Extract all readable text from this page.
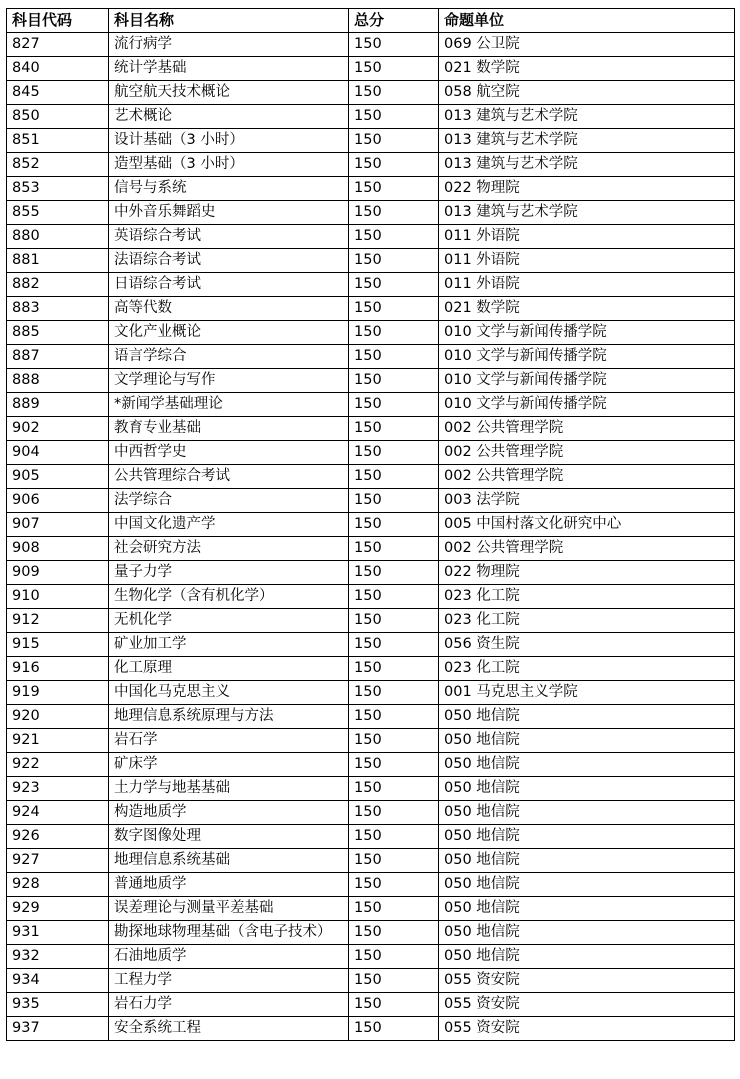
科目代码	科目名称	总分	命题单位
827	流行病学	150	069 公卫院
840	统计学基础	150	021 数学院
845	航空航天技术概论	150	058 航空院
850	艺术概论	150	013 建筑与艺术学院
851	设计基础（3 小时）	150	013 建筑与艺术学院
852	造型基础（3 小时）	150	013 建筑与艺术学院
853	信号与系统	150	022 物理院
855	中外音乐舞蹈史	150	013 建筑与艺术学院
880	英语综合考试	150	011 外语院
881	法语综合考试	150	011 外语院
882	日语综合考试	150	011 外语院
883	高等代数	150	021 数学院
885	文化产业概论	150	010 文学与新闻传播学院
887	语言学综合	150	010 文学与新闻传播学院
888	文学理论与写作	150	010 文学与新闻传播学院
889	*新闻学基础理论	150	010 文学与新闻传播学院
902	教育专业基础	150	002 公共管理学院
904	中西哲学史	150	002 公共管理学院
905	公共管理综合考试	150	002 公共管理学院
906	法学综合	150	003 法学院
907	中国文化遗产学	150	005 中国村落文化研究中心
908	社会研究方法	150	002 公共管理学院
909	量子力学	150	022 物理院
910	生物化学（含有机化学）	150	023 化工院
912	无机化学	150	023 化工院
915	矿业加工学	150	056 资生院
916	化工原理	150	023 化工院
919	中国化马克思主义	150	001 马克思主义学院
920	地理信息系统原理与方法	150	050 地信院
921	岩石学	150	050 地信院
922	矿床学	150	050 地信院
923	土力学与地基基础	150	050 地信院
924	构造地质学	150	050 地信院
926	数字图像处理	150	050 地信院
927	地理信息系统基础	150	050 地信院
928	普通地质学	150	050 地信院
929	误差理论与测量平差基础	150	050 地信院
931	勘探地球物理基础（含电子技术）	150	050 地信院
932	石油地质学	150	050 地信院
934	工程力学	150	055 资安院
935	岩石力学	150	055 资安院
937	安全系统工程	150	055 资安院
